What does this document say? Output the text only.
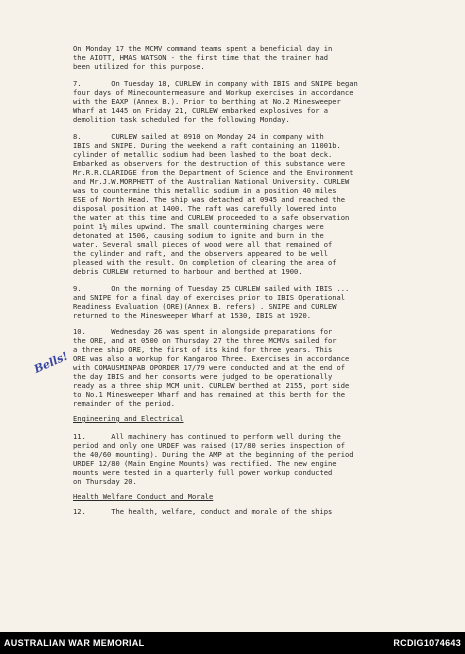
On Monday 17 the MCMV command teams spent a beneficial day in
the AIOTT, HMAS WATSON - the first time that the trainer had
been utilized for this purpose.
7.       On Tuesday 18, CURLEW in company with IBIS and SNIPE began
four days of Minecountermeasure and Workup exercises in accordance
with the EAXP (Annex B.). Prior to berthing at No.2 Minesweeper
Wharf at 1445 on Friday 21, CURLEW embarked explosives for a
demolition task scheduled for the following Monday.
8.       CURLEW sailed at 0910 on Monday 24 in company with
IBIS and SNIPE. During the weekend a raft containing an 11001b.
cylinder of metallic sodium had been lashed to the boat deck.
Embarked as observers for the destruction of this substance were
Mr.R.R.CLARIDGE from the Department of Science and the Environment
and Mr.J.W.MORPHETT of the Australian National University. CURLEW
was to countermine this metallic sodium in a position 40 miles
ESE of North Head. The ship was detached at 0945 and reached the
disposal position at 1400. The raft was carefully lowered into
the water at this time and CURLEW proceeded to a safe observation
point 1½ miles upwind. The small countermining charges were
detonated at 1506, causing sodium to ignite and burn in the
water. Several small pieces of wood were all that remained of
the cylinder and raft, and the observers appeared to be well
pleased with the result. On completion of clearing the area of
debris CURLEW returned to harbour and berthed at 1900.
9.       On the morning of Tuesday 25 CURLEW sailed with IBIS ...
and SNIPE for a final day of exercises prior to IBIS Operational
Readiness Evaluation (ORE)(Annex B. refers) . SNIPE and CURLEW
returned to the Minesweeper Wharf at 1530, IBIS at 1920.
10.      Wednesday 26 was spent in alongside preparations for
the ORE, and at 0500 on Thursday 27 the three MCMVs sailed for
a three ship ORE, the first of its kind for three years. This
ORE was also a workup for Kangaroo Three. Exercises in accordance
with COMAUSMINPAB OPORDER 17/79 were conducted and at the end of
the day IBIS and her consorts were judged to be operationally
ready as a three ship MCM unit. CURLEW berthed at 2155, port side
to No.1 Minesweeper Wharf and has remained at this berth for the
remainder of the period.
Engineering and Electrical
11.      All machinery has continued to perform well during the
period and only one URDEF was raised (17/80 series inspection of
the 40/60 mounting). During the AMP at the beginning of the period
URDEF 12/80 (Main Engine Mounts) was rectified. The new engine
mounts were tested in a quarterly full power workup conducted
on Thursday 20.
Health Welfare Conduct and Morale
12.      The health, welfare, conduct and morale of the ships
Bells!
AUSTRALIAN WAR MEMORIAL	RCDIG1074643
